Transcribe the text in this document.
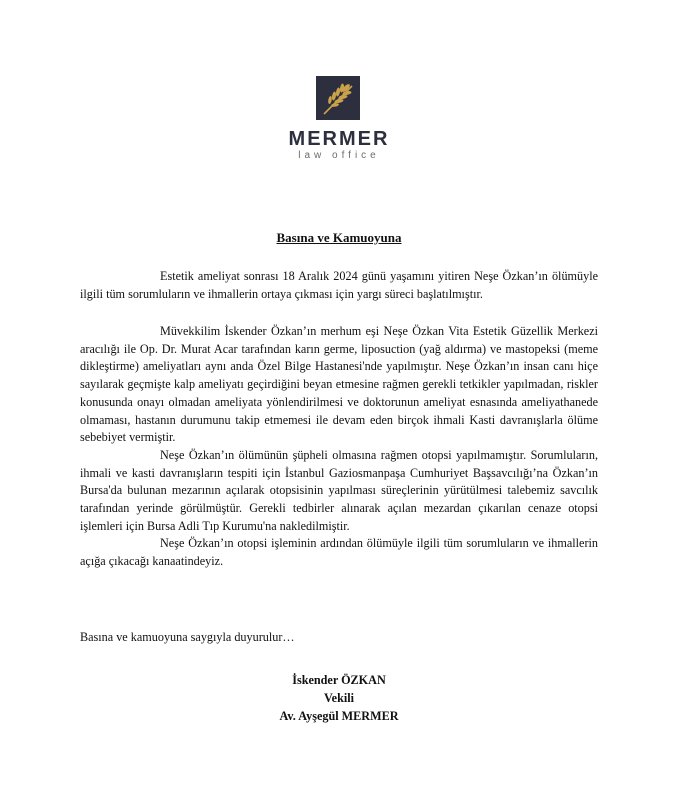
MERMER
law office
Basına ve Kamuoyuna

Estetik ameliyat sonrası 18 Aralık 2024 günü yaşamını yitiren Neşe Özkan’ın ölümüyle ilgili tüm sorumluların ve ihmallerin ortaya çıkması için yargı süreci başlatılmıştır.

Müvekkilim İskender Özkan’ın merhum eşi Neşe Özkan Vita Estetik Güzellik Merkezi aracılığı ile Op. Dr. Murat Acar tarafından karın germe, liposuction (yağ aldırma) ve mastopeksi (meme dikleştirme) ameliyatları aynı anda Özel Bilge Hastanesi'nde yapılmıştır. Neşe Özkan’ın insan canı hiçe sayılarak geçmişte kalp ameliyatı geçirdiğini beyan etmesine rağmen gerekli tetkikler yapılmadan, riskler konusunda onayı olmadan ameliyata yönlendirilmesi ve doktorunun ameliyat esnasında ameliyathanede olmaması, hastanın durumunu takip etmemesi ile devam eden birçok ihmali Kasti davranışlarla ölüme sebebiyet vermiştir.

Neşe Özkan’ın ölümünün şüpheli olmasına rağmen otopsi yapılmamıştır. Sorumluların, ihmali ve kasti davranışların tespiti için İstanbul Gaziosmanpaşa Cumhuriyet Başsavcılığı’na Özkan’ın Bursa'da bulunan mezarının açılarak otopsisinin yapılması süreçlerinin yürütülmesi talebemiz savcılık tarafından yerinde görülmüştür. Gerekli tedbirler alınarak açılan mezardan çıkarılan cenaze otopsi işlemleri için Bursa Adli Tıp Kurumu'na nakledilmiştir.

Neşe Özkan’ın otopsi işleminin ardından ölümüyle ilgili tüm sorumluların ve ihmallerin açığa çıkacağı kanaatindeyiz.

Basına ve kamuoyuna saygıyla duyurulur…
İskender ÖZKAN
Vekili
Av. Ayşegül MERMER
